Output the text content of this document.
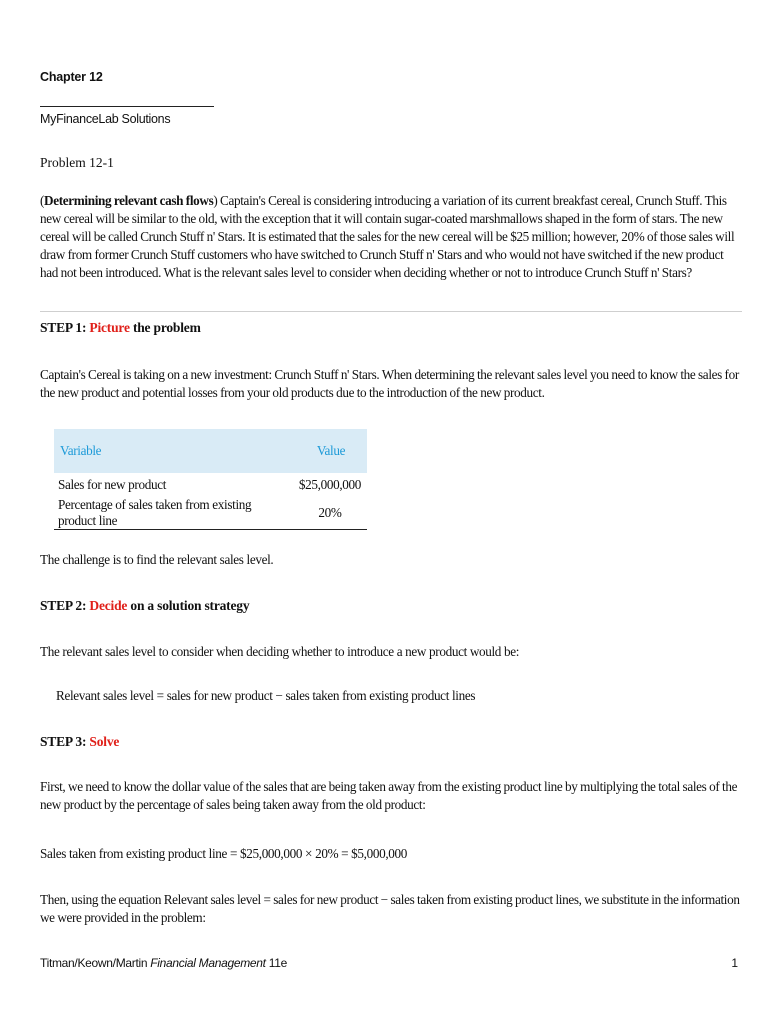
Chapter 12
MyFinanceLab Solutions
Problem 12-1
(Determining relevant cash flows) Captain's Cereal is considering introducing a variation of its current breakfast cereal, Crunch Stuff. This new cereal will be similar to the old, with the exception that it will contain sugar-coated marshmallows shaped in the form of stars. The new cereal will be called Crunch Stuff n' Stars. It is estimated that the sales for the new cereal will be $25 million; however, 20% of those sales will draw from former Crunch Stuff customers who have switched to Crunch Stuff n' Stars and who would not have switched if the new product had not been introduced. What is the relevant sales level to consider when deciding whether or not to introduce Crunch Stuff n' Stars?
STEP 1: Picture the problem
Captain's Cereal is taking on a new investment: Crunch Stuff n' Stars. When determining the relevant sales level you need to know the sales for the new product and potential losses from your old products due to the introduction of the new product.
Variable	Value
Sales for new product	$25,000,000
Percentage of sales taken from existing product line	20%
The challenge is to find the relevant sales level.
STEP 2: Decide on a solution strategy
The relevant sales level to consider when deciding whether to introduce a new product would be:
Relevant sales level = sales for new product − sales taken from existing product lines
STEP 3: Solve
First, we need to know the dollar value of the sales that are being taken away from the existing product line by multiplying the total sales of the new product by the percentage of sales being taken away from the old product:
Sales taken from existing product line = $25,000,000 × 20% = $5,000,000
Then, using the equation Relevant sales level = sales for new product − sales taken from existing product lines, we substitute in the information we were provided in the problem:
Titman/Keown/Martin Financial Management 11e	1
